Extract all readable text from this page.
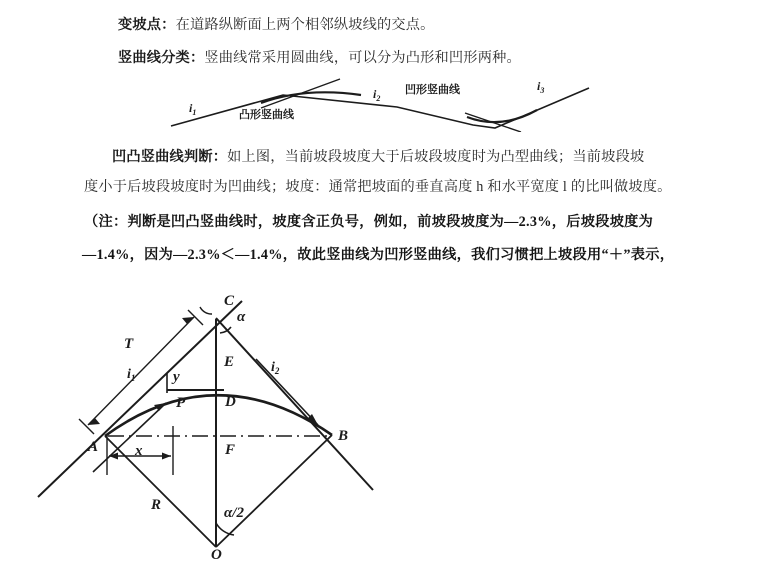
变坡点：在道路纵断面上两个相邻纵坡线的交点。
竖曲线分类：竖曲线常采用圆曲线，可以分为凸形和凹形两种。
凹凸竖曲线判断：如上图，当前坡段坡度大于后坡段坡度时为凸型曲线；当前坡段坡
度小于后坡段坡度时为凹曲线；坡度：通常把坡面的垂直高度 h 和水平宽度 l 的比叫做坡度。
（注：判断是凹凸竖曲线时，坡度含正负号，例如，前坡段坡度为—2.3%，后坡段坡度为
—1.4%，因为—2.3%＜—1.4%，故此竖曲线为凹形竖曲线，我们习惯把上坡段用“＋”表示，
$i_1$
$i_2$
$i_3$
凸形竖曲线
凹形竖曲线
C
A
B
E
D
F
P
O
y
x
R
T
$i_1$
$i_2$
α
α/2
